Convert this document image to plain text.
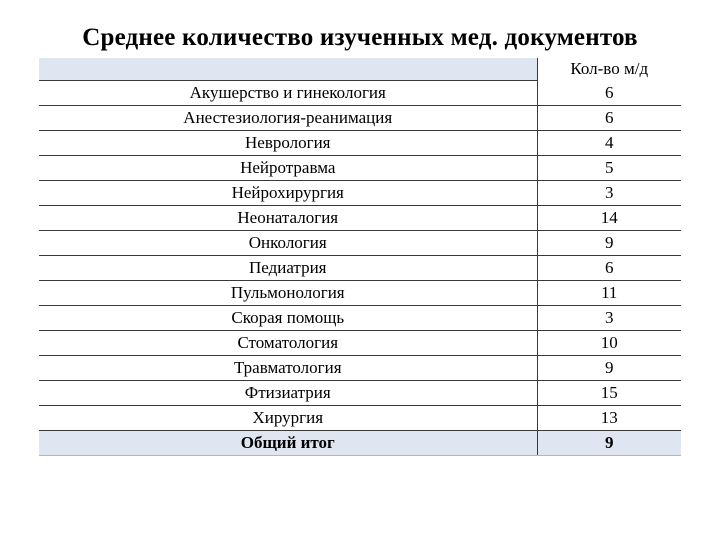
Среднее количество изученных мед. документов
	Кол-во м/д
Акушерство и гинекология	6
Анестезиология-реанимация	6
Неврология	4
Нейротравма	5
Нейрохирургия	3
Неонаталогия	14
Онкология	9
Педиатрия	6
Пульмонология	11
Скорая помощь	3
Стоматология	10
Травматология	9
Фтизиатрия	15
Хирургия	13
Общий итог	9
